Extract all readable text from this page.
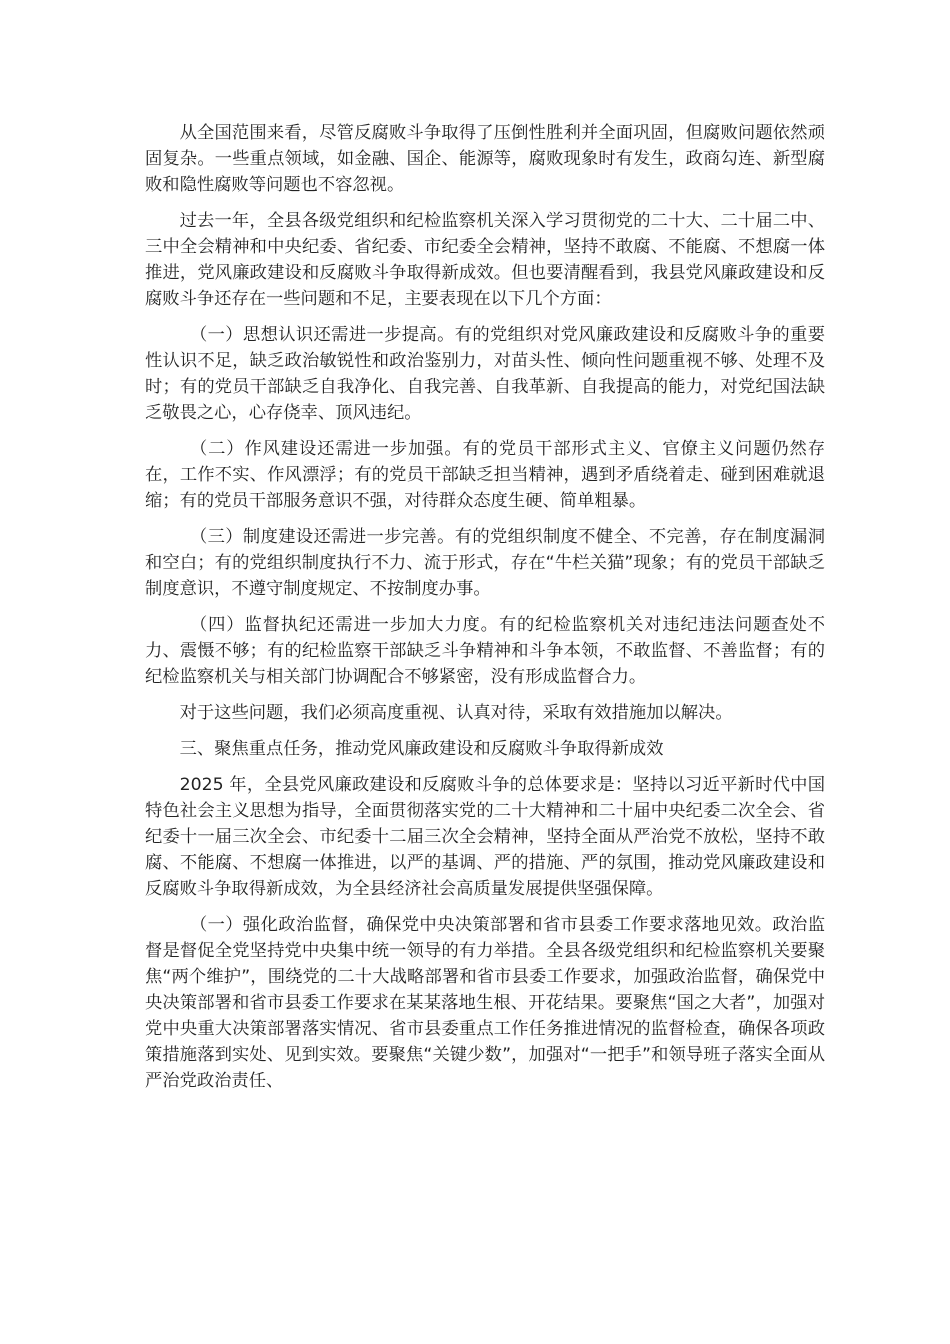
从全国范围来看，尽管反腐败斗争取得了压倒性胜利并全面巩固，但腐败问题依然顽固复杂。一些重点领域，如金融、国企、能源等，腐败现象时有发生，政商勾连、新型腐败和隐性腐败等问题也不容忽视。

过去一年，全县各级党组织和纪检监察机关深入学习贯彻党的二十大、二十届二中、三中全会精神和中央纪委、省纪委、市纪委全会精神，坚持不敢腐、不能腐、不想腐一体推进，党风廉政建设和反腐败斗争取得新成效。但也要清醒看到，我县党风廉政建设和反腐败斗争还存在一些问题和不足，主要表现在以下几个方面：

（一）思想认识还需进一步提高。有的党组织对党风廉政建设和反腐败斗争的重要性认识不足，缺乏政治敏锐性和政治鉴别力，对苗头性、倾向性问题重视不够、处理不及时；有的党员干部缺乏自我净化、自我完善、自我革新、自我提高的能力，对党纪国法缺乏敬畏之心，心存侥幸、顶风违纪。

（二）作风建设还需进一步加强。有的党员干部形式主义、官僚主义问题仍然存在，工作不实、作风漂浮；有的党员干部缺乏担当精神，遇到矛盾绕着走、碰到困难就退缩；有的党员干部服务意识不强，对待群众态度生硬、简单粗暴。

（三）制度建设还需进一步完善。有的党组织制度不健全、不完善，存在制度漏洞和空白；有的党组织制度执行不力、流于形式，存在“牛栏关猫”现象；有的党员干部缺乏制度意识，不遵守制度规定、不按制度办事。

（四）监督执纪还需进一步加大力度。有的纪检监察机关对违纪违法问题查处不力、震慑不够；有的纪检监察干部缺乏斗争精神和斗争本领，不敢监督、不善监督；有的纪检监察机关与相关部门协调配合不够紧密，没有形成监督合力。

对于这些问题，我们必须高度重视、认真对待，采取有效措施加以解决。

三、聚焦重点任务，推动党风廉政建设和反腐败斗争取得新成效

2025 年，全县党风廉政建设和反腐败斗争的总体要求是：坚持以习近平新时代中国特色社会主义思想为指导，全面贯彻落实党的二十大精神和二十届中央纪委二次全会、省纪委十一届三次全会、市纪委十二届三次全会精神，坚持全面从严治党不放松，坚持不敢腐、不能腐、不想腐一体推进，以严的基调、严的措施、严的氛围，推动党风廉政建设和反腐败斗争取得新成效，为全县经济社会高质量发展提供坚强保障。

（一）强化政治监督，确保党中央决策部署和省市县委工作要求落地见效。政治监督是督促全党坚持党中央集中统一领导的有力举措。全县各级党组织和纪检监察机关要聚焦“两个维护”，围绕党的二十大战略部署和省市县委工作要求，加强政治监督，确保党中央决策部署和省市县委工作要求在某某落地生根、开花结果。要聚焦“国之大者”，加强对党中央重大决策部署落实情况、省市县委重点工作任务推进情况的监督检查，确保各项政策措施落到实处、见到实效。要聚焦“关键少数”，加强对“一把手”和领导班子落实全面从严治党政治责任、
